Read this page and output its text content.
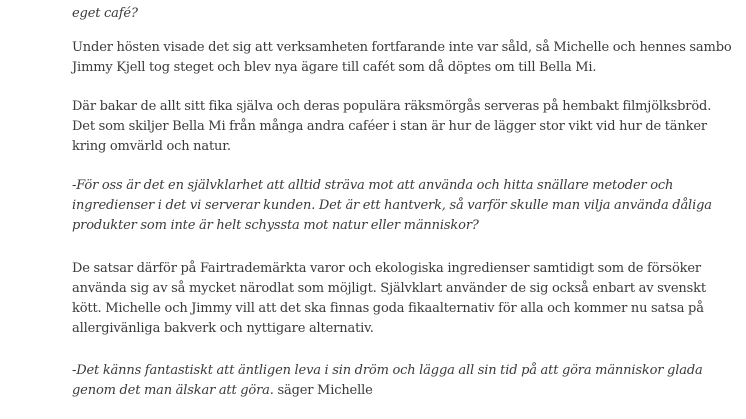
eget café?

Under hösten visade det sig att verksamheten fortfarande inte var såld, så Michelle och hennes sambo
Jimmy Kjell tog steget och blev nya ägare till cafét som då döptes om till Bella Mi.

Där bakar de allt sitt fika själva och deras populära räksmörgås serveras på hembakt filmjölksbröd.
Det som skiljer Bella Mi från många andra caféer i stan är hur de lägger stor vikt vid hur de tänker
kring omvärld och natur.

-För oss är det en självklarhet att alltid sträva mot att använda och hitta snällare metoder och
ingredienser i det vi serverar kunden. Det är ett hantverk, så varför skulle man vilja använda dåliga
produkter som inte är helt schyssta mot natur eller människor?

De satsar därför på Fairtrademärkta varor och ekologiska ingredienser samtidigt som de försöker
använda sig av så mycket närodlat som möjligt. Självklart använder de sig också enbart av svenskt
kött. Michelle och Jimmy vill att det ska finnas goda fikaalternativ för alla och kommer nu satsa på
allergivänliga bakverk och nyttigare alternativ.

-Det känns fantastiskt att äntligen leva i sin dröm och lägga all sin tid på att göra människor glada
genom det man älskar att göra. säger Michelle
